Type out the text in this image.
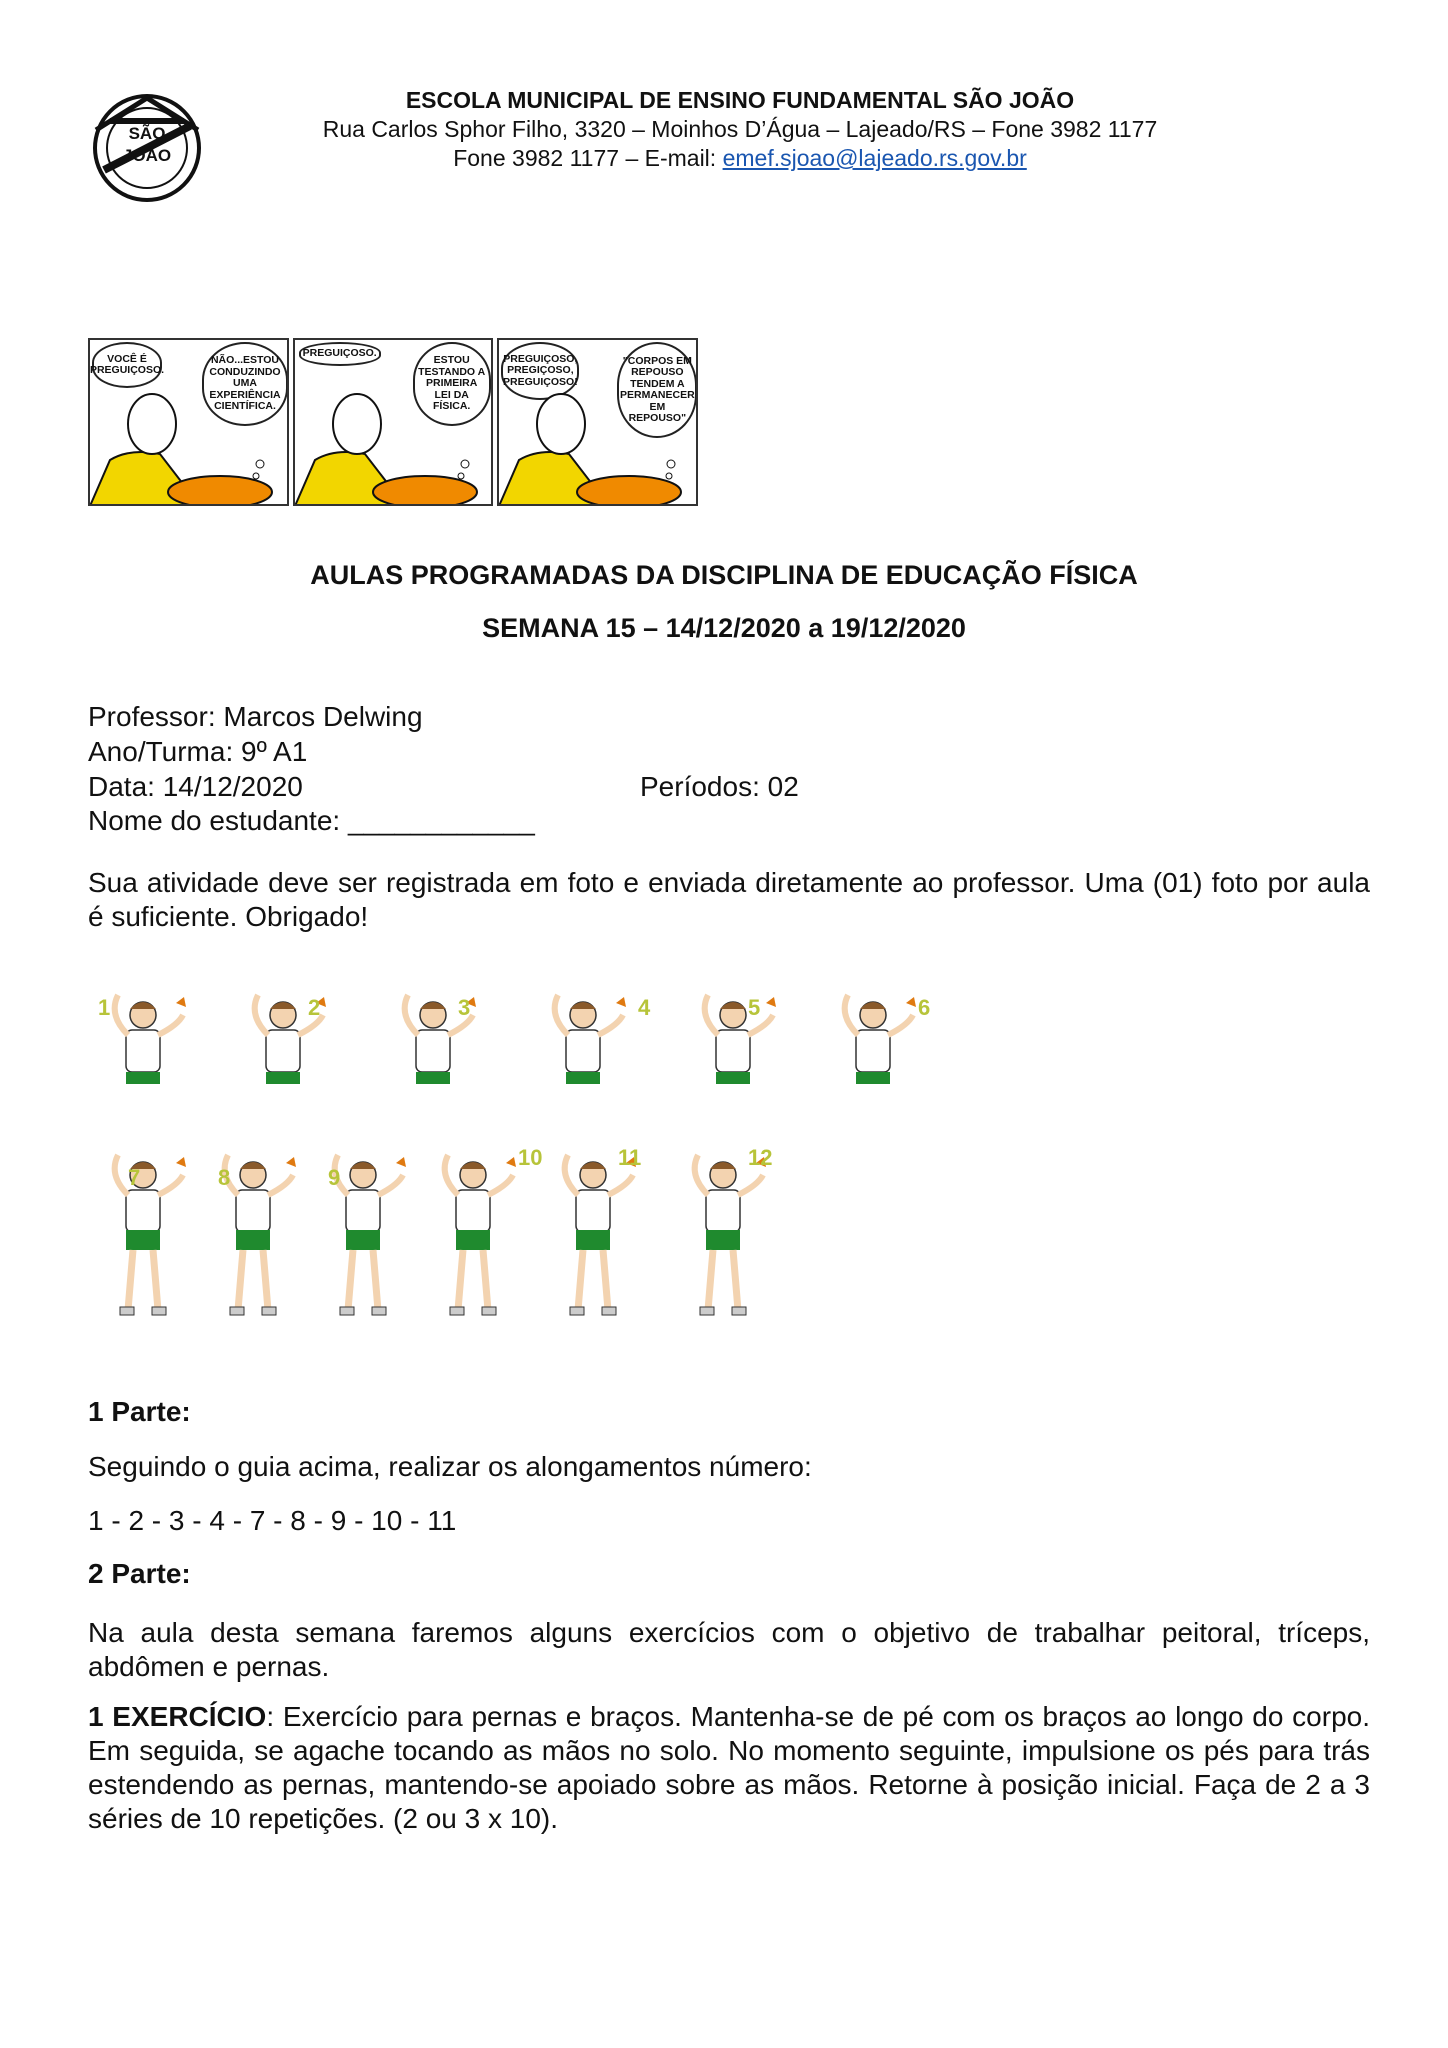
SÃO
JOÃO
ESCOLA MUNICIPAL DE ENSINO FUNDAMENTAL SÃO JOÃO
Rua Carlos Sphor Filho, 3320 – Moinhos D’Água – Lajeado/RS – Fone 3982 1177
Fone 3982 1177 – E-mail: emef.sjoao@lajeado.rs.gov.br
VOCÊ É PREGUIÇOSO.
NÃO...ESTOU CONDUZINDO UMA EXPERIÊNCIA CIENTÍFICA.
PREGUIÇOSO.
ESTOU TESTANDO A PRIMEIRA LEI DA FÍSICA.
PREGUIÇOSO, PREGIÇOSO, PREGUIÇOSO!
"CORPOS EM REPOUSO TENDEM A PERMANECER EM REPOUSO"
AULAS PROGRAMADAS DA DISCIPLINA DE EDUCAÇÃO FÍSICA
SEMANA 15 – 14/12/2020 a 19/12/2020
Professor: Marcos Delwing
Ano/Turma: 9º A1
Data: 14/12/2020	Períodos: 02
Nome do estudante: ____________
Sua atividade deve ser registrada em foto e enviada diretamente ao professor. Uma (01) foto por aula é suficiente. Obrigado!
1	2	3	4	5	6
7	8	9
10	11	12
1 Parte:
Seguindo o guia acima, realizar os alongamentos número:
1 - 2 - 3 - 4 - 7 - 8 - 9 - 10 - 11
2 Parte:
Na aula desta semana faremos alguns exercícios com o objetivo de trabalhar peitoral, tríceps, abdômen e pernas.
1 EXERCÍCIO: Exercício para pernas e braços. Mantenha-se de pé com os braços ao longo do corpo. Em seguida, se agache tocando as mãos no solo. No momento seguinte, impulsione os pés para trás estendendo as pernas, mantendo-se apoiado sobre as mãos. Retorne à posição inicial. Faça de 2 a 3 séries de 10 repetições. (2 ou 3 x 10).
